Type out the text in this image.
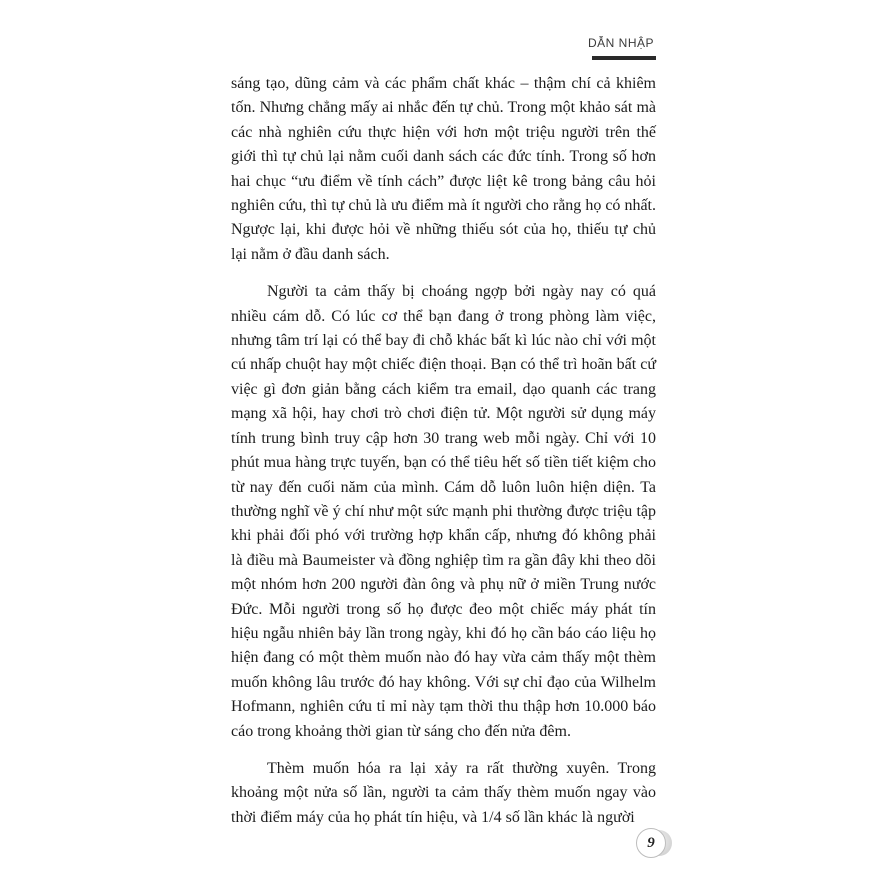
DẪN NHẬP

sáng tạo, dũng cảm và các phẩm chất khác – thậm chí cả khiêm tốn. Nhưng chẳng mấy ai nhắc đến tự chủ. Trong một khảo sát mà các nhà nghiên cứu thực hiện với hơn một triệu người trên thế giới thì tự chủ lại nằm cuối danh sách các đức tính. Trong số hơn hai chục “ưu điểm về tính cách” được liệt kê trong bảng câu hỏi nghiên cứu, thì tự chủ là ưu điểm mà ít người cho rằng họ có nhất. Ngược lại, khi được hỏi về những thiếu sót của họ, thiếu tự chủ lại nằm ở đầu danh sách.

Người ta cảm thấy bị choáng ngợp bởi ngày nay có quá nhiều cám dỗ. Có lúc cơ thể bạn đang ở trong phòng làm việc, nhưng tâm trí lại có thể bay đi chỗ khác bất kì lúc nào chỉ với một cú nhấp chuột hay một chiếc điện thoại. Bạn có thể trì hoãn bất cứ việc gì đơn giản bằng cách kiểm tra email, dạo quanh các trang mạng xã hội, hay chơi trò chơi điện tử. Một người sử dụng máy tính trung bình truy cập hơn 30 trang web mỗi ngày. Chỉ với 10 phút mua hàng trực tuyến, bạn có thể tiêu hết số tiền tiết kiệm cho từ nay đến cuối năm của mình. Cám dỗ luôn luôn hiện diện. Ta thường nghĩ về ý chí như một sức mạnh phi thường được triệu tập khi phải đối phó với trường hợp khẩn cấp, nhưng đó không phải là điều mà Baumeister và đồng nghiệp tìm ra gần đây khi theo dõi một nhóm hơn 200 người đàn ông và phụ nữ ở miền Trung nước Đức. Mỗi người trong số họ được đeo một chiếc máy phát tín hiệu ngẫu nhiên bảy lần trong ngày, khi đó họ cần báo cáo liệu họ hiện đang có một thèm muốn nào đó hay vừa cảm thấy một thèm muốn không lâu trước đó hay không. Với sự chỉ đạo của Wilhelm Hofmann, nghiên cứu tỉ mỉ này tạm thời thu thập hơn 10.000 báo cáo trong khoảng thời gian từ sáng cho đến nửa đêm.

Thèm muốn hóa ra lại xảy ra rất thường xuyên. Trong khoảng một nửa số lần, người ta cảm thấy thèm muốn ngay vào thời điểm máy của họ phát tín hiệu, và 1/4 số lần khác là người

9
